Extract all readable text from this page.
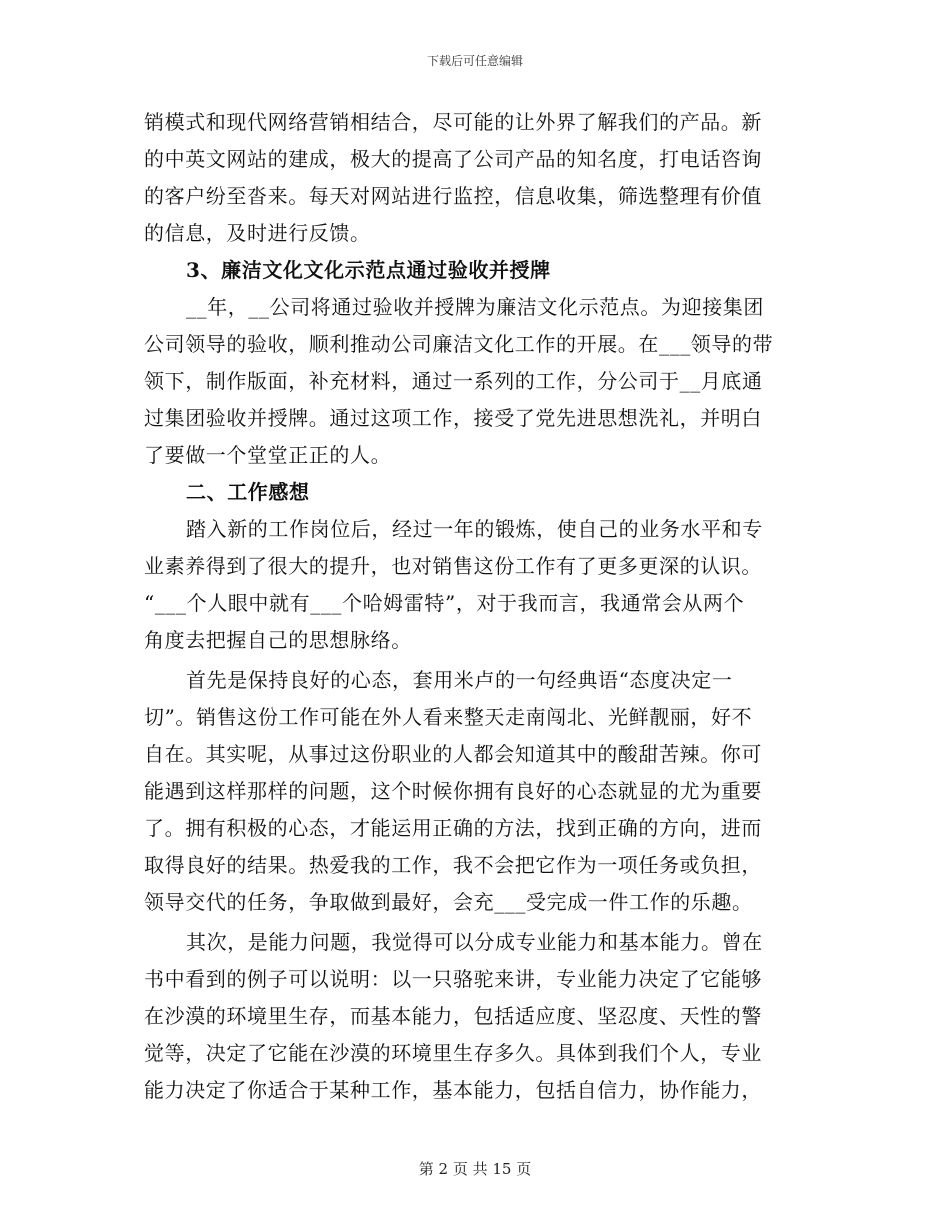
下载后可任意编辑
销模式和现代网络营销相结合，尽可能的让外界了解我们的产品。新
的中英文网站的建成，极大的提高了公司产品的知名度，打电话咨询
的客户纷至沓来。每天对网站进行监控，信息收集，筛选整理有价值
的信息，及时进行反馈。
3、廉洁文化文化示范点通过验收并授牌
__年，__公司将通过验收并授牌为廉洁文化示范点。为迎接集团
公司领导的验收，顺利推动公司廉洁文化工作的开展。在___领导的带
领下，制作版面，补充材料，通过一系列的工作，分公司于__月底通
过集团验收并授牌。通过这项工作，接受了党先进思想洗礼，并明白
了要做一个堂堂正正的人。
二、工作感想
踏入新的工作岗位后，经过一年的锻炼，使自己的业务水平和专
业素养得到了很大的提升，也对销售这份工作有了更多更深的认识。
“___个人眼中就有___个哈姆雷特”，对于我而言，我通常会从两个
角度去把握自己的思想脉络。
首先是保持良好的心态，套用米卢的一句经典语“态度决定一
切”。销售这份工作可能在外人看来整天走南闯北、光鲜靓丽，好不
自在。其实呢，从事过这份职业的人都会知道其中的酸甜苦辣。你可
能遇到这样那样的问题，这个时候你拥有良好的心态就显的尤为重要
了。拥有积极的心态，才能运用正确的方法，找到正确的方向，进而
取得良好的结果。热爱我的工作，我不会把它作为一项任务或负担，
领导交代的任务，争取做到最好，会充___受完成一件工作的乐趣。
其次，是能力问题，我觉得可以分成专业能力和基本能力。曾在
书中看到的例子可以说明：以一只骆驼来讲，专业能力决定了它能够
在沙漠的环境里生存，而基本能力，包括适应度、坚忍度、天性的警
觉等，决定了它能在沙漠的环境里生存多久。具体到我们个人，专业
能力决定了你适合于某种工作，基本能力，包括自信力，协作能力，
第 2 页 共 15 页
